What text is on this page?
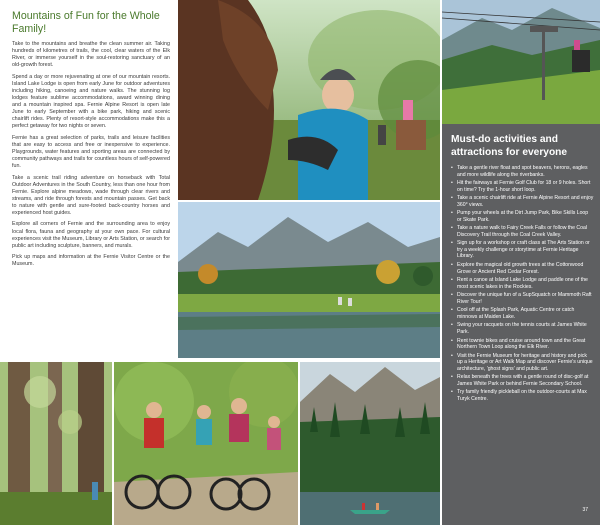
Mountains of Fun for the Whole Family!

Take to the mountains and breathe the clean summer air. Taking hundreds of kilometres of trails, the cool, clear waters of the Elk River, or immerse yourself in the soul-restoring sanctuary of an old-growth forest.

Spend a day or more rejuvenating at one of our mountain resorts. Island Lake Lodge is open from early June for outdoor adventures including hiking, canoeing and nature walks. The stunning log lodges feature sublime accommodations, award winning dining and a mountain inspired spa. Fernie Alpine Resort is open late June to early September with a bike park, hiking and scenic chairlift rides. Plenty of resort-style accommodations make this a perfect getaway for two nights or seven.

Fernie has a great selection of parks, trails and leisure facilities that are easy to access and free or inexpensive to experience. Playgrounds, water features and sporting areas are connected by community pathways and trails for countless hours of self-powered fun.

Take a scenic trail riding adventure on horseback with Total Outdoor Adventures in the South Country, less than one hour from Fernie. Explore alpine meadows, wade through clear rivers and streams, and ride through forests and mountain passes. Get back to nature with gentle and sure-footed back-country horses and experienced host guides.

Explore all corners of Fernie and the surrounding area to enjoy local flora, fauna and geography at your own pace. For cultural experiences visit the Museum, Library or Arts Station, or search for public art including sculpture, banners, and murals.

Pick up maps and information at the Fernie Visitor Centre or the Museum.

Must-do activities and attractions for everyone
• Take a gentle river float and spot beavers, herons, eagles and more wildlife along the riverbanks.
• Hit the fairways at Fernie Golf Club for 18 or 9 holes. Short on time? Try the 1-hour short loop.
• Take a scenic chairlift ride at Fernie Alpine Resort and enjoy 360° views.
• Pump your wheels at the Dirt Jump Park, Bike Skills Loop or Skate Park.
• Take a nature walk to Fairy Creek Falls or follow the Coal Discovery Trail through the Coal Creek Valley.
• Sign up for a workshop or craft class at The Arts Station or try a weekly challenge or storytime at Fernie Heritage Library.
• Explore the magical old growth trees at the Cottonwood Grove or Ancient Red Cedar Forest.
• Rent a canoe at Island Lake Lodge and paddle one of the most scenic lakes in the Rockies.
• Discover the unique fun of a SupSquatch or Mammoth Raft River Tour!
• Cool off at the Splash Park, Aquatic Centre or catch minnows at Maiden Lake.
• Swing your racquets on the tennis courts at James White Park.
• Rent townie bikes and cruise around town and the Great Northern Town Loop along the Elk River.
• Visit the Fernie Museum for heritage and history and pick up a Heritage or Art Walk Map and discover Fernie's unique architecture, 'ghost signs' and public art.
• Relax beneath the trees with a gentle round of disc-golf at James White Park or behind Fernie Secondary School.
• Try family friendly pickleball on the outdoor-courts at Max Turyk Centre.
37
